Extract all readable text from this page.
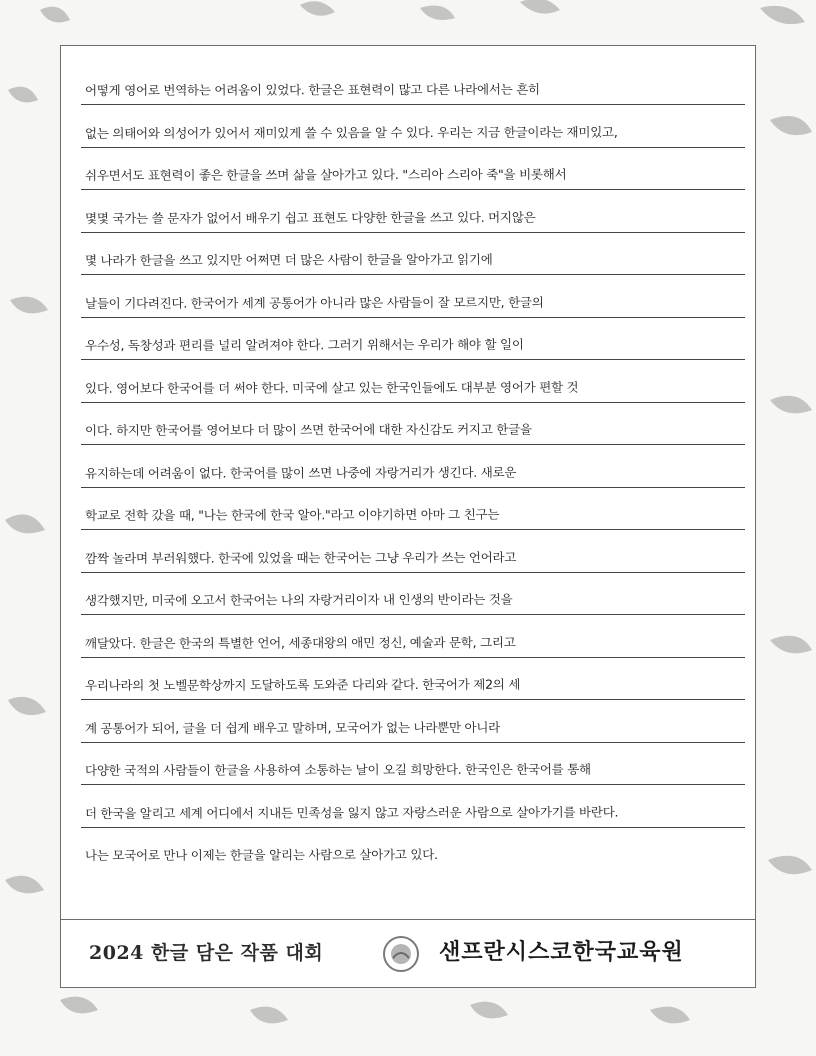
어떻게 영어로 번역하는 어려움이 있었다. 한글은 표현력이 많고 다른 나라에서는 흔히
없는 의태어와 의성어가 있어서 재미있게 쓸 수 있음을 알 수 있다. 우리는 지금 한글이라는 재미있고,
쉬우면서도 표현력이 좋은 한글을 쓰며 삶을 살아가고 있다. "스리아 스리아 죽"을 비롯해서
몇몇 국가는 쓸 문자가 없어서 배우기 쉽고 표현도 다양한 한글을 쓰고 있다. 머지않은
몇 나라가 한글을 쓰고 있지만 어쩌면 더 많은 사람이 한글을 알아가고 읽기에
날들이 기다려진다. 한국어가 세계 공통어가 아니라 많은 사람들이 잘 모르지만, 한글의
우수성, 독창성과 편리를 널리 알려져야 한다. 그러기 위해서는 우리가 해야 할 일이
있다. 영어보다 한국어를 더 써야 한다. 미국에 살고 있는 한국인들에도 대부분 영어가 편할 것
이다. 하지만 한국어를 영어보다 더 많이 쓰면 한국어에 대한 자신감도 커지고 한글을
유지하는데 어려움이 없다. 한국어를 많이 쓰면 나중에 자랑거리가 생긴다. 새로운
학교로 전학 갔을 때, "나는 한국에 한국 알아."라고 이야기하면 아마 그 친구는
깜짝 놀라며 부러워했다. 한국에 있었을 때는 한국어는 그냥 우리가 쓰는 언어라고
생각했지만, 미국에 오고서 한국어는 나의 자랑거리이자 내 인생의 반이라는 것을
깨달았다. 한글은 한국의 특별한 언어, 세종대왕의 애민 정신, 예술과 문학, 그리고
우리나라의 첫 노벨문학상까지 도달하도록 도와준 다리와 같다. 한국어가 제2의 세
계 공통어가 되어, 글을 더 쉽게 배우고 말하며, 모국어가 없는 나라뿐만 아니라
다양한 국적의 사람들이 한글을 사용하여 소통하는 날이 오길 희망한다. 한국인은 한국어를 통해
더 한국을 알리고 세계 어디에서 지내든 민족성을 잃지 않고 자랑스러운 사람으로 살아가기를 바란다.
나는 모국어로 만나 이제는 한글을 알리는 사람으로 살아가고 있다.
2024 한글 담은 작품 대회	샌프란시스코한국교육원
